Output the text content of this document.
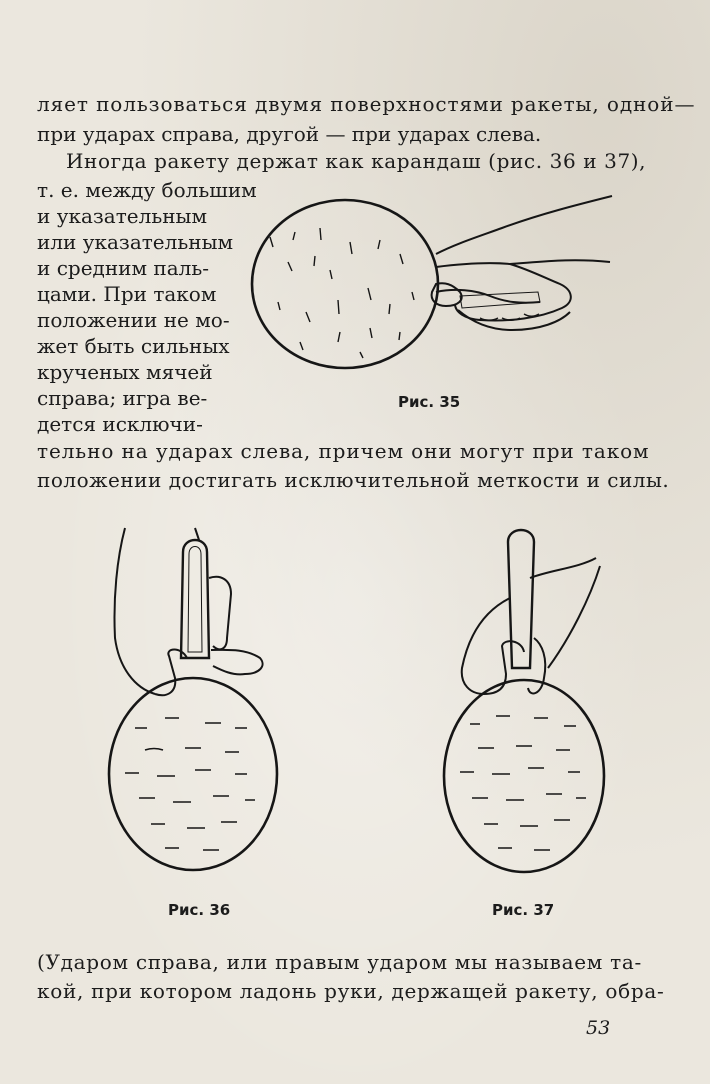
ляет пользоваться двумя поверхностями ракеты, одной—
при ударах справа, другой — при ударах слева.
Иногда ракету держат как карандаш (рис. 36 и 37),
т. е. между большим
и указательным
или указательным
и средним паль-
цами. При таком
положении не мо-
жет быть сильных
крученых мячей
справа; игра ве-
дется исключи-
Рис. 35
тельно на ударах слева, причем они могут при таком
положении достигать исключительной меткости и силы.
Рис. 36	Рис. 37
(Ударом справа, или правым ударом мы называем та-
кой, при котором ладонь руки, держащей ракету, обра-
53
